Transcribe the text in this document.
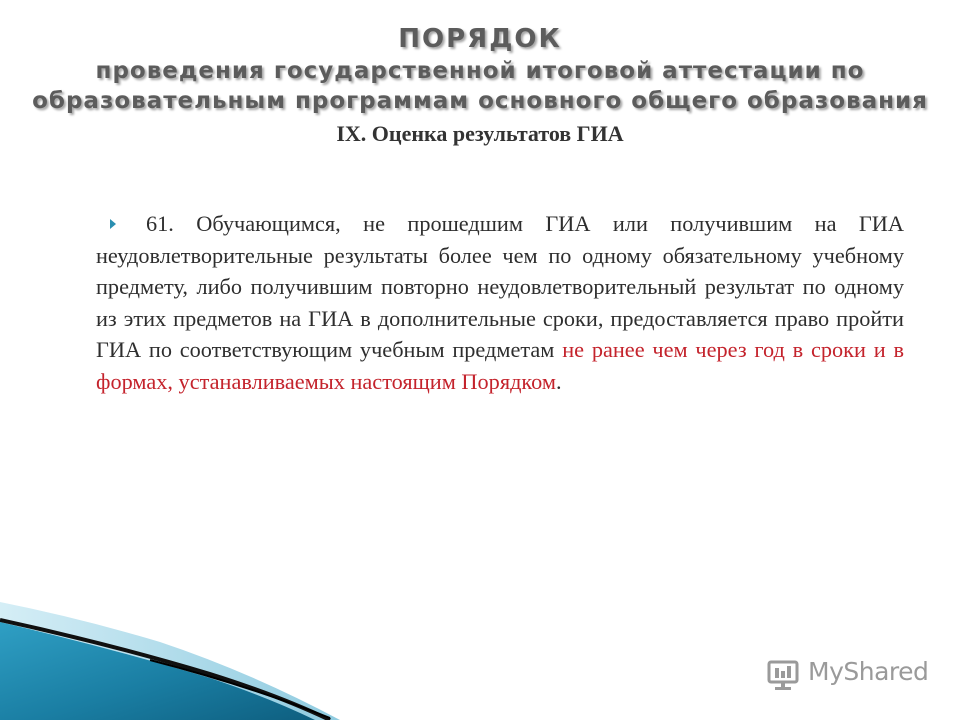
ПОРЯДОК
проведения государственной итоговой аттестации по
образовательным программам основного общего образования
IX. Оценка результатов ГИА

61. Обучающимся, не прошедшим ГИА или получившим на ГИА неудовлетворительные результаты более чем по одному обязательному учебному предмету, либо получившим повторно неудовлетворительный результат по одному из этих предметов на ГИА в дополнительные сроки, предоставляется право пройти ГИА по соответствующим учебным предметам не ранее чем через год в сроки и в формах, устанавливаемых настоящим Порядком.

MyShared
